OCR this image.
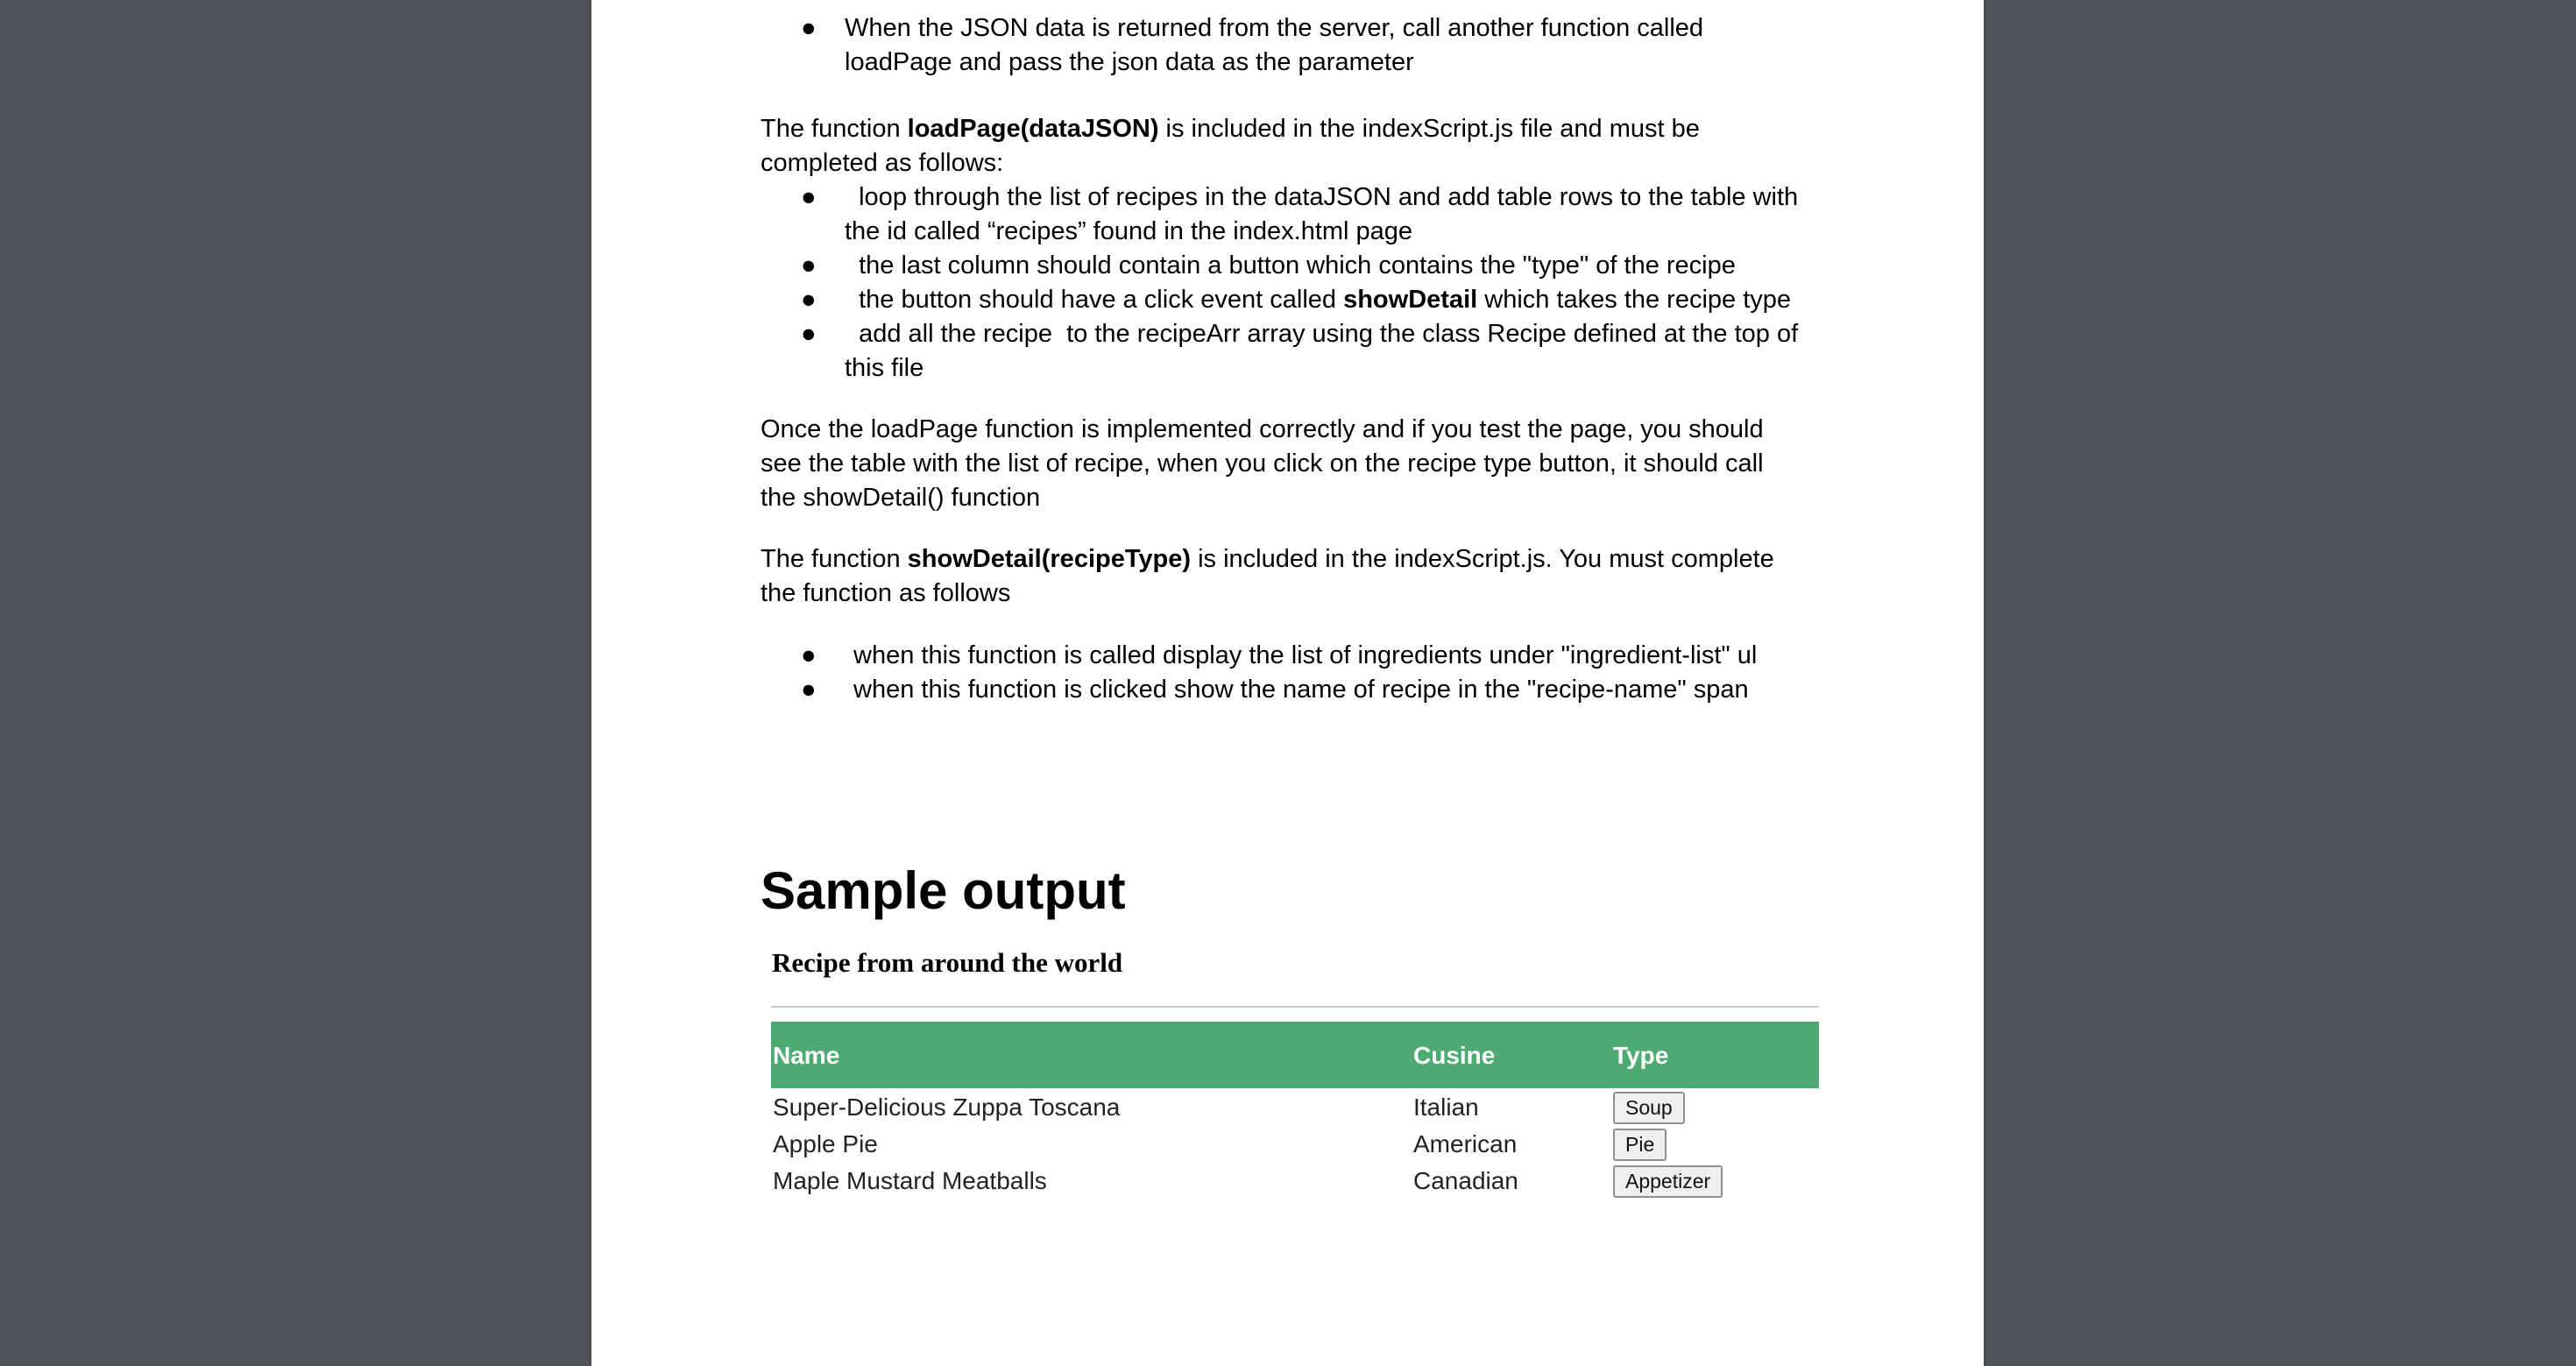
● When the JSON data is returned from the server, call another function called
loadPage and pass the json data as the parameter

The function loadPage(dataJSON) is included in the indexScript.js file and must be
completed as follows:

● loop through the list of recipes in the dataJSON and add table rows to the table with
the id called “recipes” found in the index.html page
● the last column should contain a button which contains the "type" of the recipe
● the button should have a click event called showDetail which takes the recipe type
● add all the recipe  to the recipeArr array using the class Recipe defined at the top of
this file

Once the loadPage function is implemented correctly and if you test the page, you should
see the table with the list of recipe, when you click on the recipe type button, it should call
the showDetail() function

The function showDetail(recipeType) is included in the indexScript.js. You must complete
the function as follows

● when this function is called display the list of ingredients under "ingredient-list" ul
● when this function is clicked show the name of recipe in the "recipe-name" span
Sample output
Recipe from around the world
Name	Cusine	Type
Super-Delicious Zuppa Toscana	Italian	Soup
Apple Pie	American	Pie
Maple Mustard Meatballs	Canadian	Appetizer
